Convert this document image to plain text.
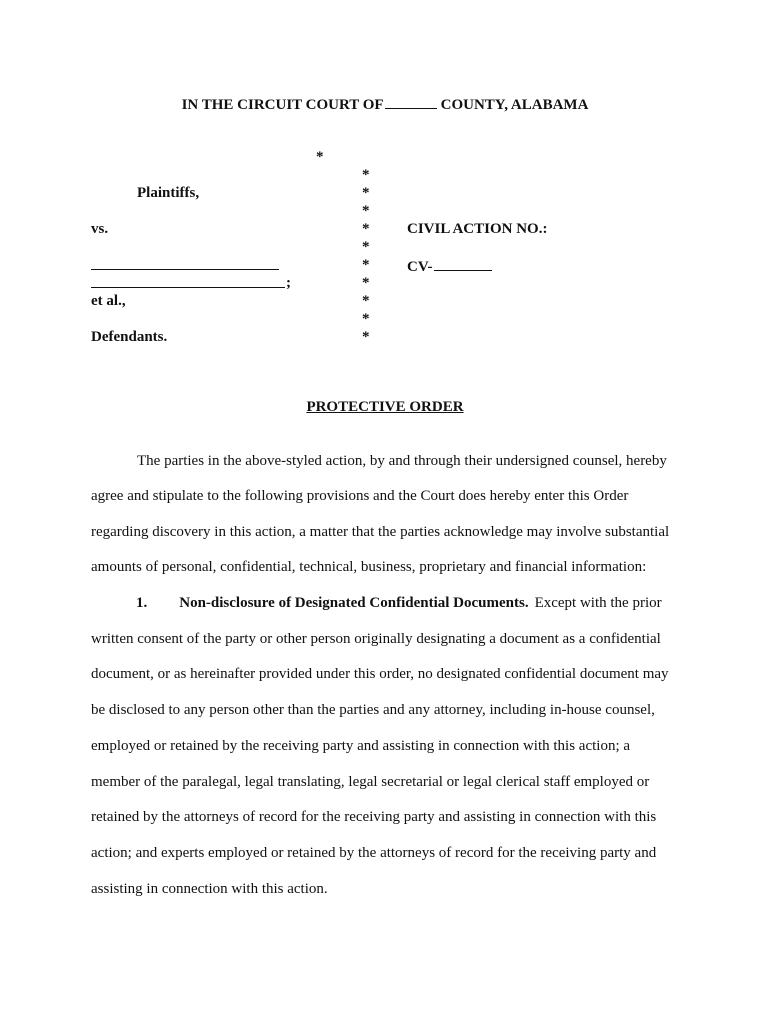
IN THE CIRCUIT COURT OF	COUNTY, ALABAMA
*
*
*
*
*
*
*
*
*
*
*
Plaintiffs,
vs.
;
et al.,
Defendants.
CIVIL ACTION NO.:
CV-
PROTECTIVE ORDER
The parties in the above-styled action, by and through their undersigned counsel, hereby
agree and stipulate to the following provisions and the Court does hereby enter this Order
regarding discovery in this action, a matter that the parties acknowledge may involve substantial
amounts of personal, confidential, technical, business, proprietary and financial information:
1. Non-disclosure of Designated Confidential Documents. Except with the prior
written consent of the party or other person originally designating a document as a confidential
document, or as hereinafter provided under this order, no designated confidential document may
be disclosed to any person other than the parties and any attorney, including in-house counsel,
employed or retained by the receiving party and assisting in connection with this action; a
member of the paralegal, legal translating, legal secretarial or legal clerical staff employed or
retained by the attorneys of record for the receiving party and assisting in connection with this
action; and experts employed or retained by the attorneys of record for the receiving party and
assisting in connection with this action.
